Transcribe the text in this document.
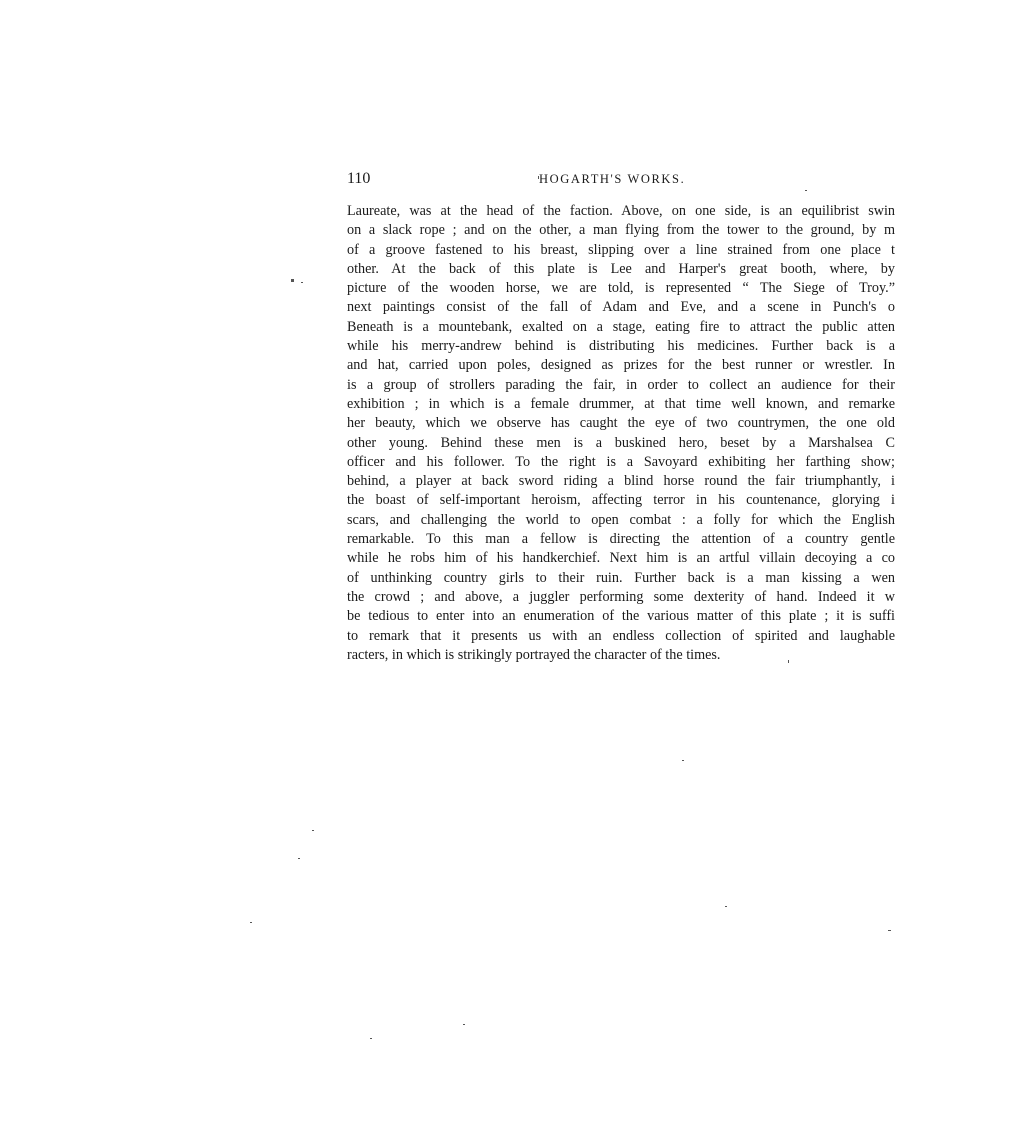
110	HOGARTH'S WORKS.
Laureate, was at the head of the faction. Above, on one side, is an equilibrist swin
on a slack rope ; and on the other, a man flying from the tower to the ground, by m
of a groove fastened to his breast, slipping over a line strained from one place t
other. At the back of this plate is Lee and Harper's great booth, where, by
picture of the wooden horse, we are told, is represented “ The Siege of Troy.”
next paintings consist of the fall of Adam and Eve, and a scene in Punch's o
Beneath is a mountebank, exalted on a stage, eating fire to attract the public atten
while his merry-andrew behind is distributing his medicines. Further back is a
and hat, carried upon poles, designed as prizes for the best runner or wrestler. In
is a group of strollers parading the fair, in order to collect an audience for their
exhibition ; in which is a female drummer, at that time well known, and remarke
her beauty, which we observe has caught the eye of two countrymen, the one old
other young. Behind these men is a buskined hero, beset by a Marshalsea C
officer and his follower. To the right is a Savoyard exhibiting her farthing show;
behind, a player at back sword riding a blind horse round the fair triumphantly, i
the boast of self-important heroism, affecting terror in his countenance, glorying i
scars, and challenging the world to open combat : a folly for which the English
remarkable. To this man a fellow is directing the attention of a country gentle
while he robs him of his handkerchief. Next him is an artful villain decoying a co
of unthinking country girls to their ruin. Further back is a man kissing a wen
the crowd ; and above, a juggler performing some dexterity of hand. Indeed it w
be tedious to enter into an enumeration of the various matter of this plate ; it is suffi
to remark that it presents us with an endless collection of spirited and laughable
racters, in which is strikingly portrayed the character of the times.
